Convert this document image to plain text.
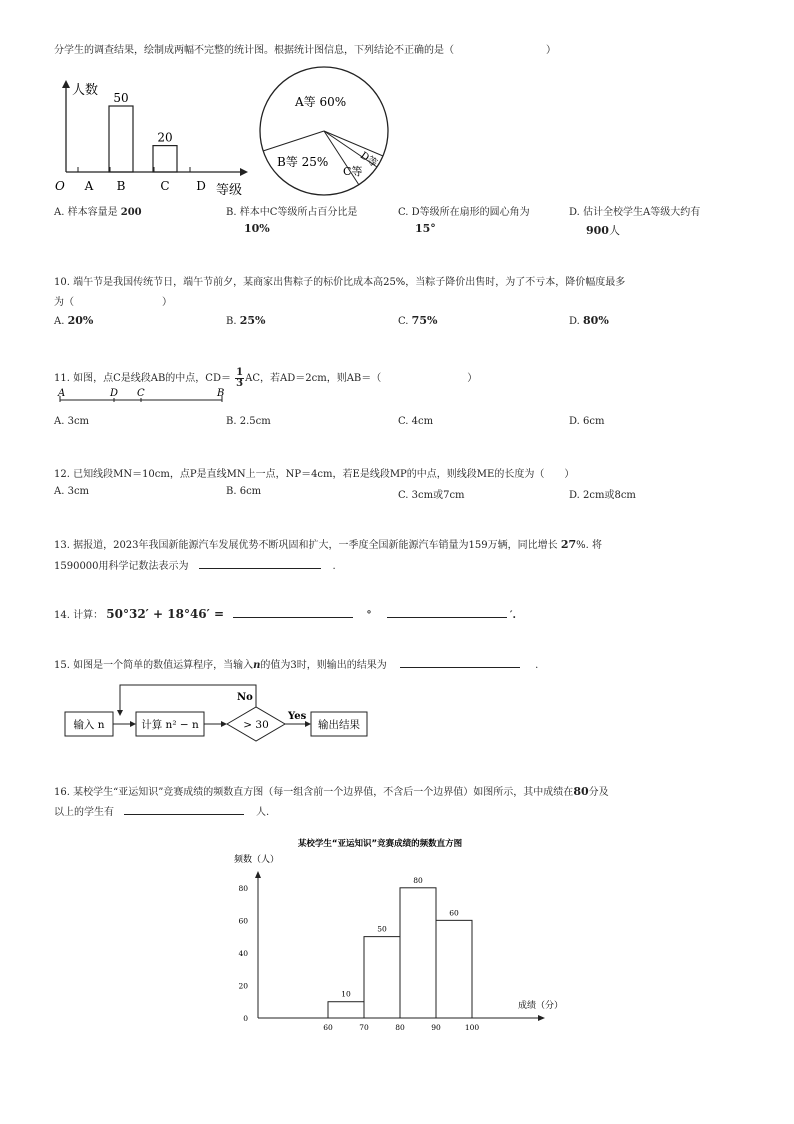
分学生的调查结果，绘制成两幅不完整的统计图。根据统计图信息，下列结论不正确的是（	）
人数
O	等级
A B
50
C
20
D
A等 60%
B等 25%
C等
D等
A. 样本容量是 200	B. 样本中C等级所占百分比是
10%
C. D等级所在扇形的圆心角为
15°
D. 估计全校学生A等级大约有
900人
10. 端午节是我国传统节日，端午节前夕，某商家出售粽子的标价比成本高25%，当粽子降价出售时，为了不亏本，降价幅度最多
为（	）
A. 20%	B. 25%	C. 75%	D. 80%
11. 如图，点C是线段AB的中点，$CD= \frac{1}{3}$ AC，若AD＝2cm，则AB＝（	）
A	D C	B
A. 3cm	B. 2.5cm	C. 4cm	D. 6cm
12. 已知线段MN＝10cm，点P是直线MN上一点，NP＝4cm，若E是线段MP的中点，则线段ME的长度为（　　）
A. 3cm	B. 6cm	C. 3cm或7cm	D. 2cm或8cm
13. 据报道，2023年我国新能源汽车发展优势不断巩固和扩大，一季度全国新能源汽车销量为159万辆，同比增长 27%. 将
1590000用科学记数法表示为	.
14. 计算： 50°32′ + 18°46′ =	°	′.
15. 如图是一个简单的数值运算程序，当输入n的值为3时，则输出的结果为	.
输入 n	计算 n² − n	> 30
Yes
输出结果
No
16. 某校学生“亚运知识”竞赛成绩的频数直方图（每一组含前一个边界值，不含后一个边界值）如图所示，其中成绩在80分及
以上的学生有	人.
某校学生“亚运知识”竞赛成绩的频数直方图
频数（人）
成绩（分）
80
60
40
20
0
60	70	80	90	100
10
50
80
60
